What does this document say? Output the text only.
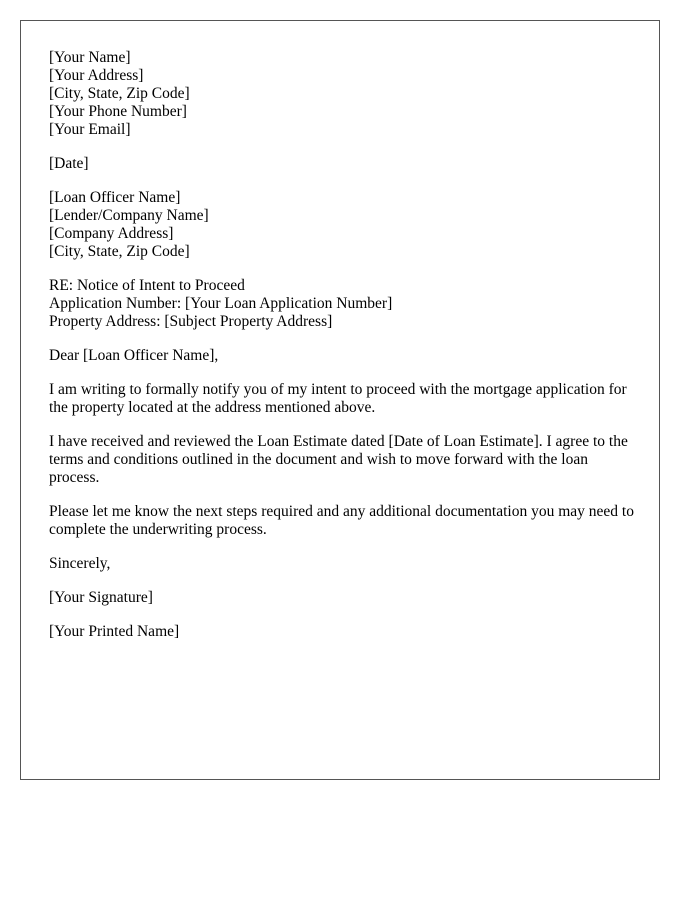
[Your Name]
[Your Address]
[City, State, Zip Code]
[Your Phone Number]
[Your Email]
[Date]
[Loan Officer Name]
[Lender/Company Name]
[Company Address]
[City, State, Zip Code]
RE: Notice of Intent to Proceed
Application Number: [Your Loan Application Number]
Property Address: [Subject Property Address]
Dear [Loan Officer Name],

I am writing to formally notify you of my intent to proceed with the mortgage application for the property located at the address mentioned above.

I have received and reviewed the Loan Estimate dated [Date of Loan Estimate]. I agree to the terms and conditions outlined in the document and wish to move forward with the loan process.

Please let me know the next steps required and any additional documentation you may need to complete the underwriting process.

Sincerely,
[Your Signature]
[Your Printed Name]
